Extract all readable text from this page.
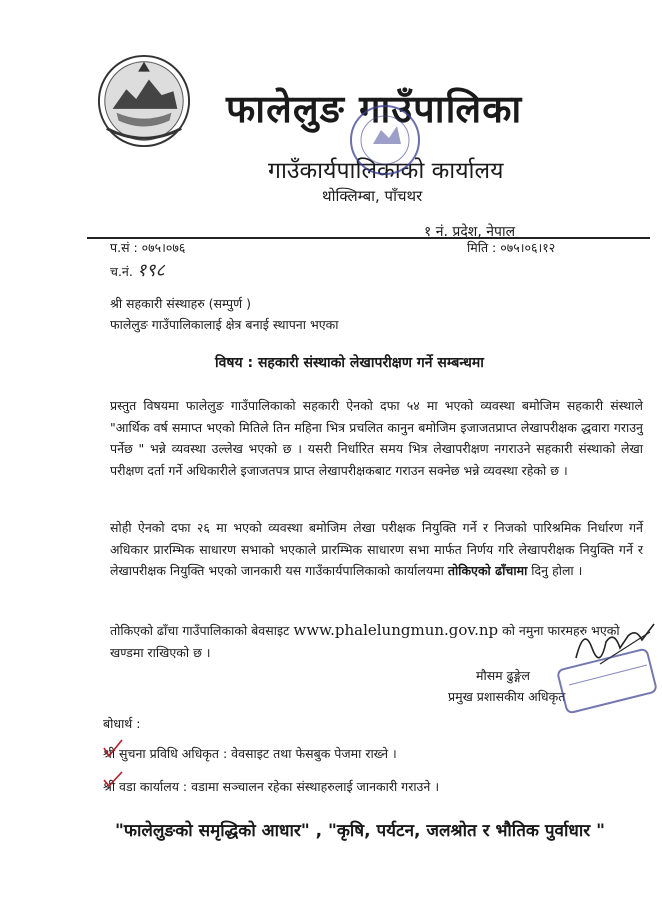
फालेलुङ गाउँपालिका
गाउँकार्यपालिकाको कार्यालय
थोक्लिम्बा, पाँचथर
१ नं. प्रदेश, नेपाल
प.सं : ०७५।०७६	मिति : ०७५।०६।१२
च.नं. १९८
श्री सहकारी संस्थाहरु (सम्पुर्ण )
फालेलुङ गाउँपालिकालाई क्षेत्र बनाई स्थापना भएका
विषय : सहकारी संस्थाको लेखापरीक्षण गर्ने सम्बन्धमा

प्रस्तुत विषयमा फालेलुङ गाउँपालिकाको सहकारी ऐनको दफा ५४ मा भएको व्यवस्था बमोजिम सहकारी संस्थाले "आर्थिक वर्ष समाप्त भएको मितिले तिन महिना भित्र प्रचलित कानुन बमोजिम इजाजतप्राप्त लेखापरीक्षक द्धवारा गराउनु पर्नेछ " भन्ने व्यवस्था उल्लेख भएको छ । यसरी निर्धारित समय भित्र लेखापरीक्षण नगराउने सहकारी संस्थाको लेखा परीक्षण दर्ता गर्ने अधिकारीले इजाजतपत्र प्राप्त लेखापरीक्षकबाट गराउन सक्नेछ भन्ने व्यवस्था रहेको छ ।

सोही ऐनको दफा २६ मा भएको व्यवस्था बमोजिम लेखा परीक्षक नियुक्ति गर्ने र निजको पारिश्रमिक निर्धारण गर्ने अधिकार प्रारम्भिक साधारण सभाको भएकाले प्रारम्भिक साधारण सभा मार्फत निर्णय गरि लेखापरीक्षक नियुक्ति गर्ने र लेखापरीक्षक नियुक्ति भएको जानकारी यस गाउँकार्यपालिकाको कार्यालयमा तोकिएको ढाँचामा दिनु होला ।

तोकिएको ढाँचा गाउँपालिकाको बेवसाइट www.phalelungmun.gov.np को नमुना फारमहरु भएको खण्डमा राखिएको छ ।

मौसम ढुङ्गेल
प्रमुख प्रशासकीय अधिकृत
बोधार्थ :
श्री सुचना प्रविधि अधिकृत : वेवसाइट तथा फेसबुक पेजमा राख्ने ।
श्री वडा कार्यालय : वडामा सञ्चालन रहेका संस्थाहरुलाई जानकारी गराउने ।
"फालेलुङको समृद्धिको आधार" , "कृषि, पर्यटन, जलश्रोत र भौतिक पुर्वाधार "
